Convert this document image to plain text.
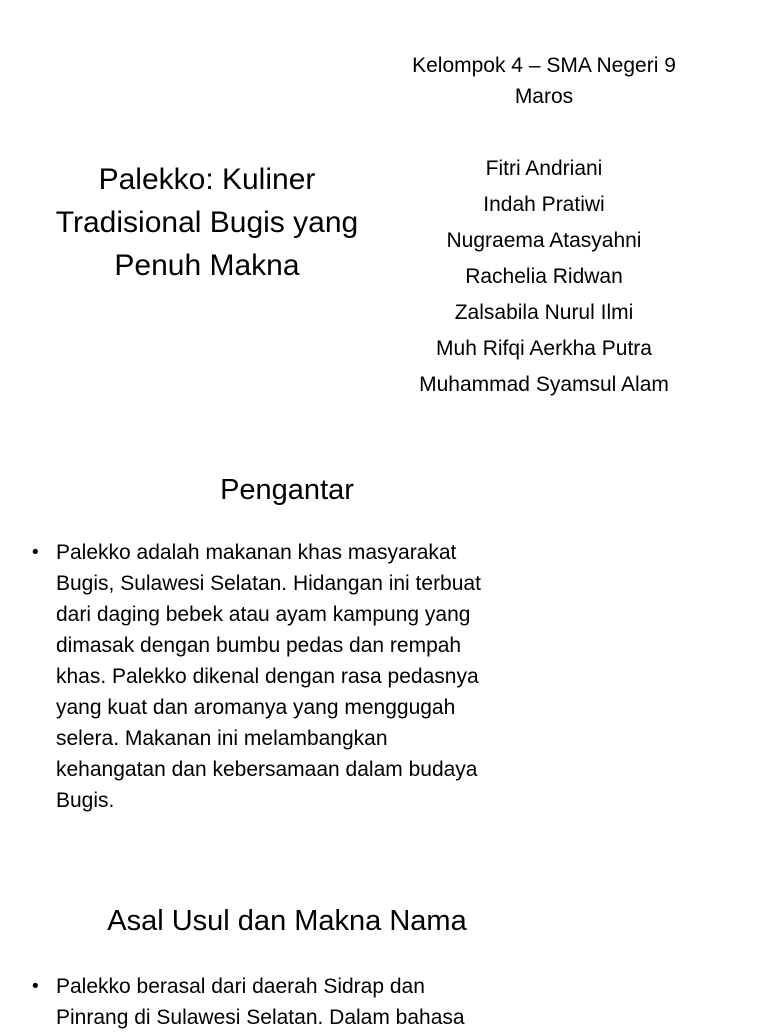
Palekko: Kuliner
Tradisional Bugis yang
Penuh Makna
Kelompok 4 – SMA Negeri 9
Maros
Fitri Andriani
Indah Pratiwi
Nugraema Atasyahni
Rachelia Ridwan
Zalsabila Nurul Ilmi
Muh Rifqi Aerkha Putra
Muhammad Syamsul Alam
Pengantar
• Palekko adalah makanan khas masyarakat
Bugis, Sulawesi Selatan. Hidangan ini terbuat
dari daging bebek atau ayam kampung yang
dimasak dengan bumbu pedas dan rempah
khas. Palekko dikenal dengan rasa pedasnya
yang kuat dan aromanya yang menggugah
selera. Makanan ini melambangkan
kehangatan dan kebersamaan dalam budaya
Bugis.
Asal Usul dan Makna Nama
• Palekko berasal dari daerah Sidrap dan
Pinrang di Sulawesi Selatan. Dalam bahasa
